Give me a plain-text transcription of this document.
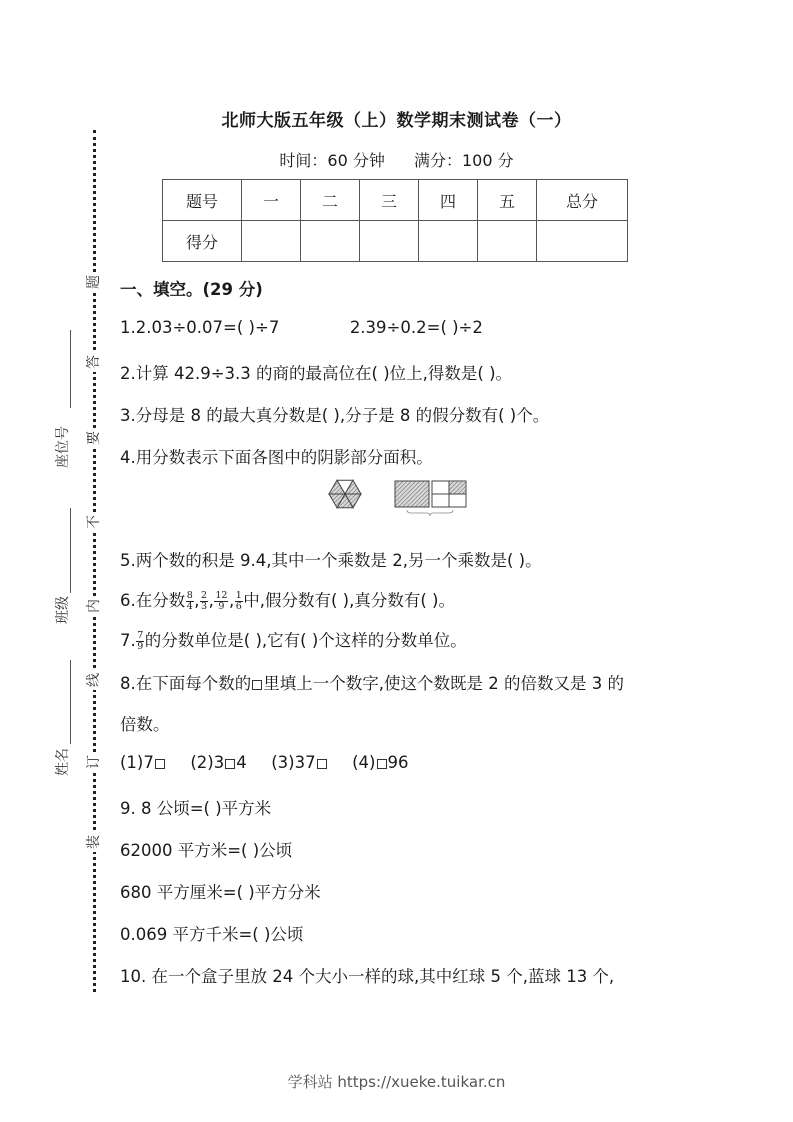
题
答
要
不
内
线
订
装
座位号
班级
姓名
北师大版五年级（上）数学期末测试卷（一）
时间：60 分钟 满分：100 分
题号	一	二	三	四	五	总分
得分						
一、填空。(29 分)
1.2.03÷0.07=( )÷7	2.39÷0.2=( )÷2
2.计算 42.9÷3.3 的商的最高位在( )位上,得数是( )。
3.分母是 8 的最大真分数是( ),分子是 8 的假分数有( )个。
4.用分数表示下面各图中的阴影部分面积。
5.两个数的积是 9.4,其中一个乘数是 2,另一个乘数是( )。
6.在分数 $\frac{8}{4}$ , $\frac{2}{3}$ , $\frac{12}{9}$ , $\frac{1}{6}$ 中,假分数有( ),真分数有( )。
7. $\frac{7}{9}$ 的分数单位是( ),它有( )个这样的分数单位。
8.在下面每个数的 里填上一个数字,使这个数既是 2 的倍数又是 3 的
倍数。
(1)7 (2)3 4 (3)37 (4) 96
9. 8 公顷=( )平方米
62000 平方米=( )公顷
680 平方厘米=( )平方分米
0.069 平方千米=( )公顷
10. 在一个盒子里放 24 个大小一样的球,其中红球 5 个,蓝球 13 个,
学科站 https://xueke.tuikar.cn
